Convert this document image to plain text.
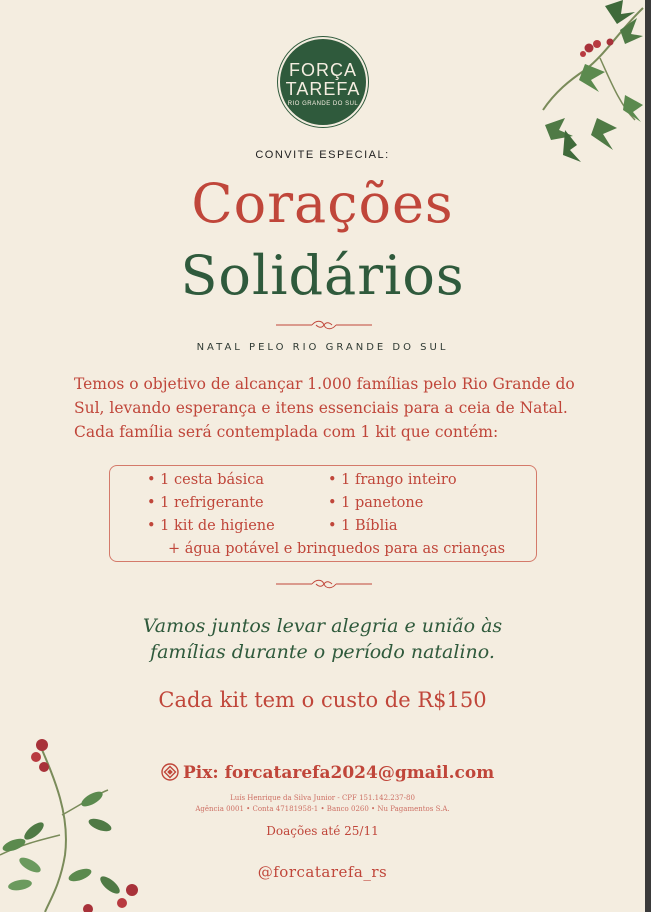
FORÇA
TAREFA
RIO GRANDE DO SUL
CONVITE ESPECIAL:
Corações
Solidários
NATAL PELO RIO GRANDE DO SUL

Temos o objetivo de alcançar 1.000 famílias pelo Rio Grande do

Sul, levando esperança e itens essenciais para a ceia de Natal.

Cada família será contemplada com 1 kit que contém:

• 1 cesta básica
• 1 refrigerante
• 1 kit de higiene
• 1 frango inteiro
• 1 panetone
• 1 Bíblia
+ água potável e brinquedos para as crianças
Vamos juntos levar alegria e união às
famílias durante o período natalino.
Cada kit tem o custo de R$150
Pix: forcatarefa2024@gmail.com
Luís Henrique da Silva Junior - CPF 151.142.237-80
Agência 0001 • Conta 47181958-1 • Banco 0260 • Nu Pagamentos S.A.
Doações até 25/11
@forcatarefa_rs
